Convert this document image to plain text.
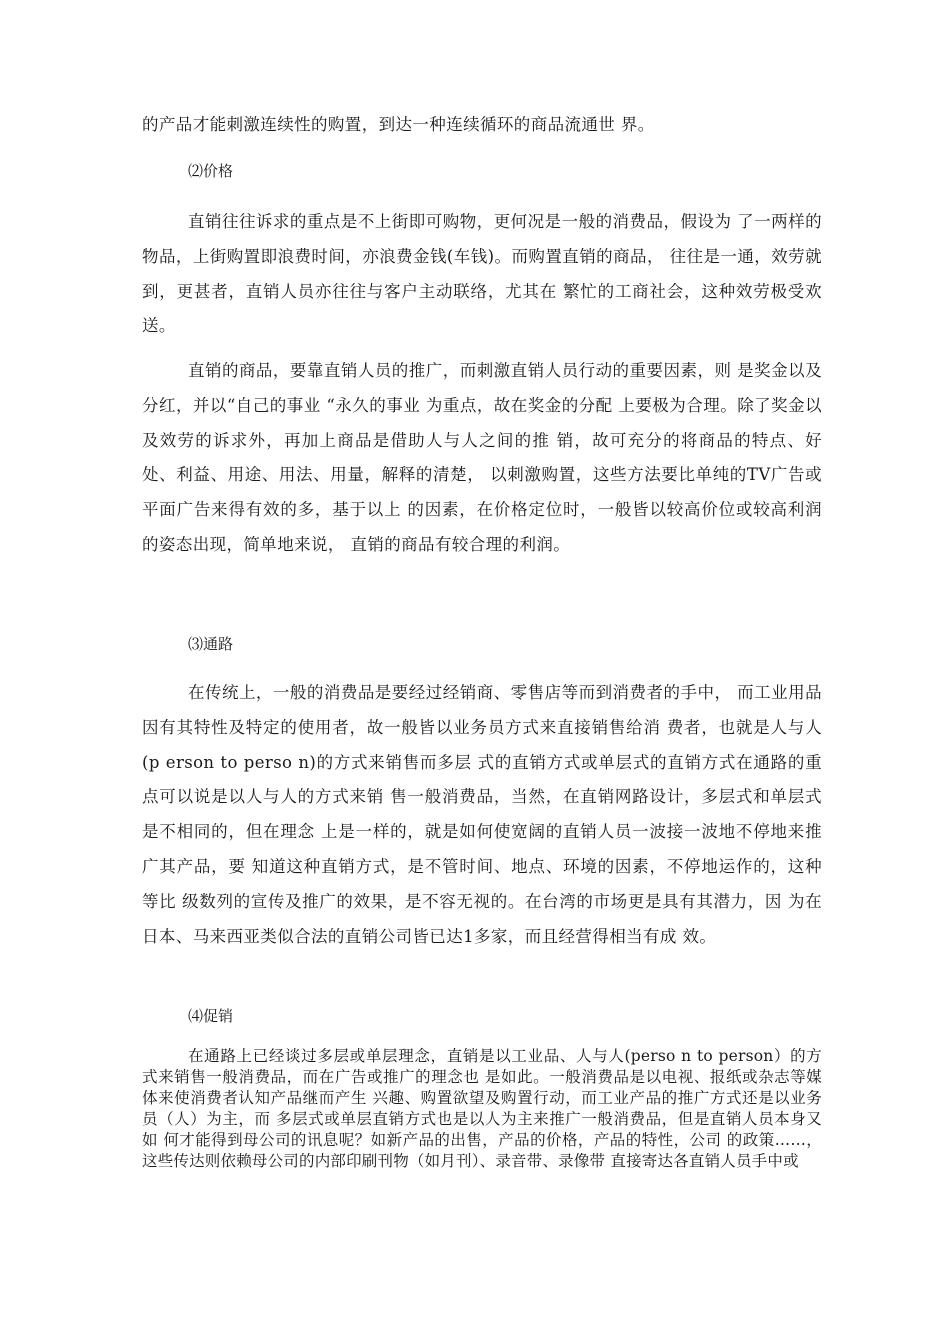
的产品才能刺激连续性的购置，到达一种连续循环的商品流通世 界。

⑵价格

直销往往诉求的重点是不上街即可购物，更何况是一般的消费品，假设为 了一两样的物品，上街购置即浪费时间，亦浪费金钱(车钱)。而购置直销的商品， 往往是一通，效劳就到，更甚者，直销人员亦往往与客户主动联络，尤其在 繁忙的工商社会，这种效劳极受欢送。

直销的商品，要靠直销人员的推广，而刺激直销人员行动的重要因素，则 是奖金以及分红，并以“自己的事业 “永久的事业 为重点，故在奖金的分配 上要极为合理。除了奖金以及效劳的诉求外，再加上商品是借助人与人之间的推 销，故可充分的将商品的特点、好处、利益、用途、用法、用量，解释的清楚， 以刺激购置，这些方法要比单纯的TV广告或平面广告来得有效的多，基于以上 的因素，在价格定位时，一般皆以较高价位或较高利润的姿态出现，简单地来说， 直销的商品有较合理的利润。

⑶通路

在传统上，一般的消费品是要经过经销商、零售店等而到消费者的手中， 而工业用品因有其特性及特定的使用者，故一般皆以业务员方式来直接销售给消 费者，也就是人与人(p erson to perso n)的方式来销售而多层 式的直销方式或单层式的直销方式在通路的重点可以说是以人与人的方式来销 售一般消费品，当然，在直销网路设计，多层式和单层式是不相同的，但在理念 上是一样的，就是如何使宽阔的直销人员一波接一波地不停地来推广其产品，要 知道这种直销方式，是不管时间、地点、环境的因素，不停地运作的，这种等比 级数列的宣传及推广的效果，是不容无视的。在台湾的市场更是具有其潜力，因 为在日本、马来西亚类似合法的直销公司皆已达1多家，而且经营得相当有成 效。

⑷促销

在通路上已经谈过多层或单层理念，直销是以工业品、人与人(perso n to person）的方式来销售一般消费品，而在广告或推广的理念也 是如此。一般消费品是以电视、报纸或杂志等媒体来使消费者认知产品继而产生 兴趣、购置欲望及购置行动，而工业产品的推广方式还是以业务员（人）为主，而 多层式或单层直销方式也是以人为主来推广一般消费品，但是直销人员本身又如 何才能得到母公司的讯息呢？如新产品的出售，产品的价格，产品的特性，公司 的政策……，这些传达则依赖母公司的内部印刷刊物（如月刊）、录音带、录像带 直接寄达各直销人员手中或
